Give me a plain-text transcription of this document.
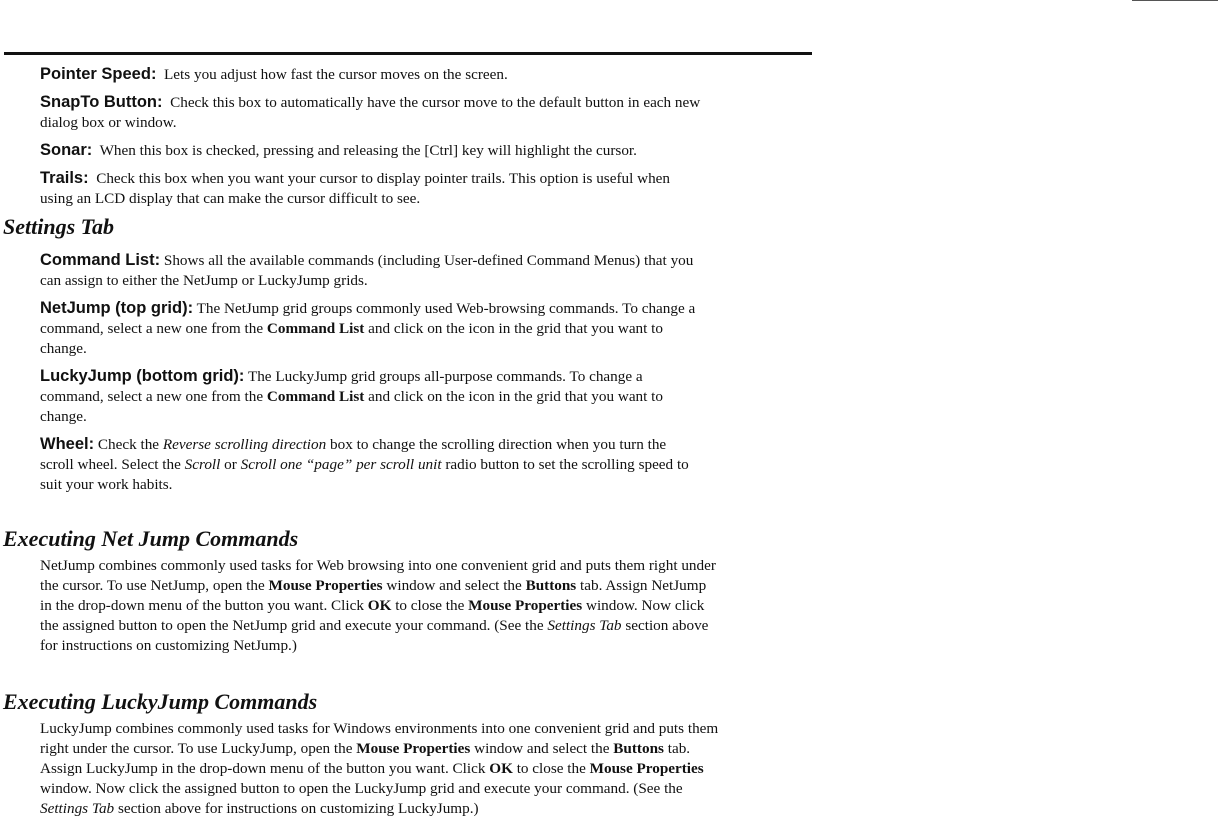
Pointer Speed: Lets you adjust how fast the cursor moves on the screen.

SnapTo Button: Check this box to automatically have the cursor move to the default button in each new
dialog box or window.

Sonar: When this box is checked, pressing and releasing the [Ctrl] key will highlight the cursor.

Trails: Check this box when you want your cursor to display pointer trails. This option is useful when
using an LCD display that can make the cursor difficult to see.

Settings Tab

Command List: Shows all the available commands (including User-defined Command Menus) that you
can assign to either the NetJump or LuckyJump grids.

NetJump (top grid): The NetJump grid groups commonly used Web-browsing commands. To change a
command, select a new one from the Command List and click on the icon in the grid that you want to
change.

LuckyJump (bottom grid): The LuckyJump grid groups all-purpose commands. To change a
command, select a new one from the Command List and click on the icon in the grid that you want to
change.

Wheel: Check the Reverse scrolling direction box to change the scrolling direction when you turn the
scroll wheel. Select the Scroll or Scroll one “page” per scroll unit radio button to set the scrolling speed to
suit your work habits.

Executing Net Jump Commands

NetJump combines commonly used tasks for Web browsing into one convenient grid and puts them right under
the cursor. To use NetJump, open the Mouse Properties window and select the Buttons tab. Assign NetJump
in the drop-down menu of the button you want. Click OK to close the Mouse Properties window. Now click
the assigned button to open the NetJump grid and execute your command. (See the Settings Tab section above
for instructions on customizing NetJump.)

Executing LuckyJump Commands

LuckyJump combines commonly used tasks for Windows environments into one convenient grid and puts them
right under the cursor. To use LuckyJump, open the Mouse Properties window and select the Buttons tab.
Assign LuckyJump in the drop-down menu of the button you want. Click OK to close the Mouse Properties
window. Now click the assigned button to open the LuckyJump grid and execute your command. (See the
Settings Tab section above for instructions on customizing LuckyJump.)
